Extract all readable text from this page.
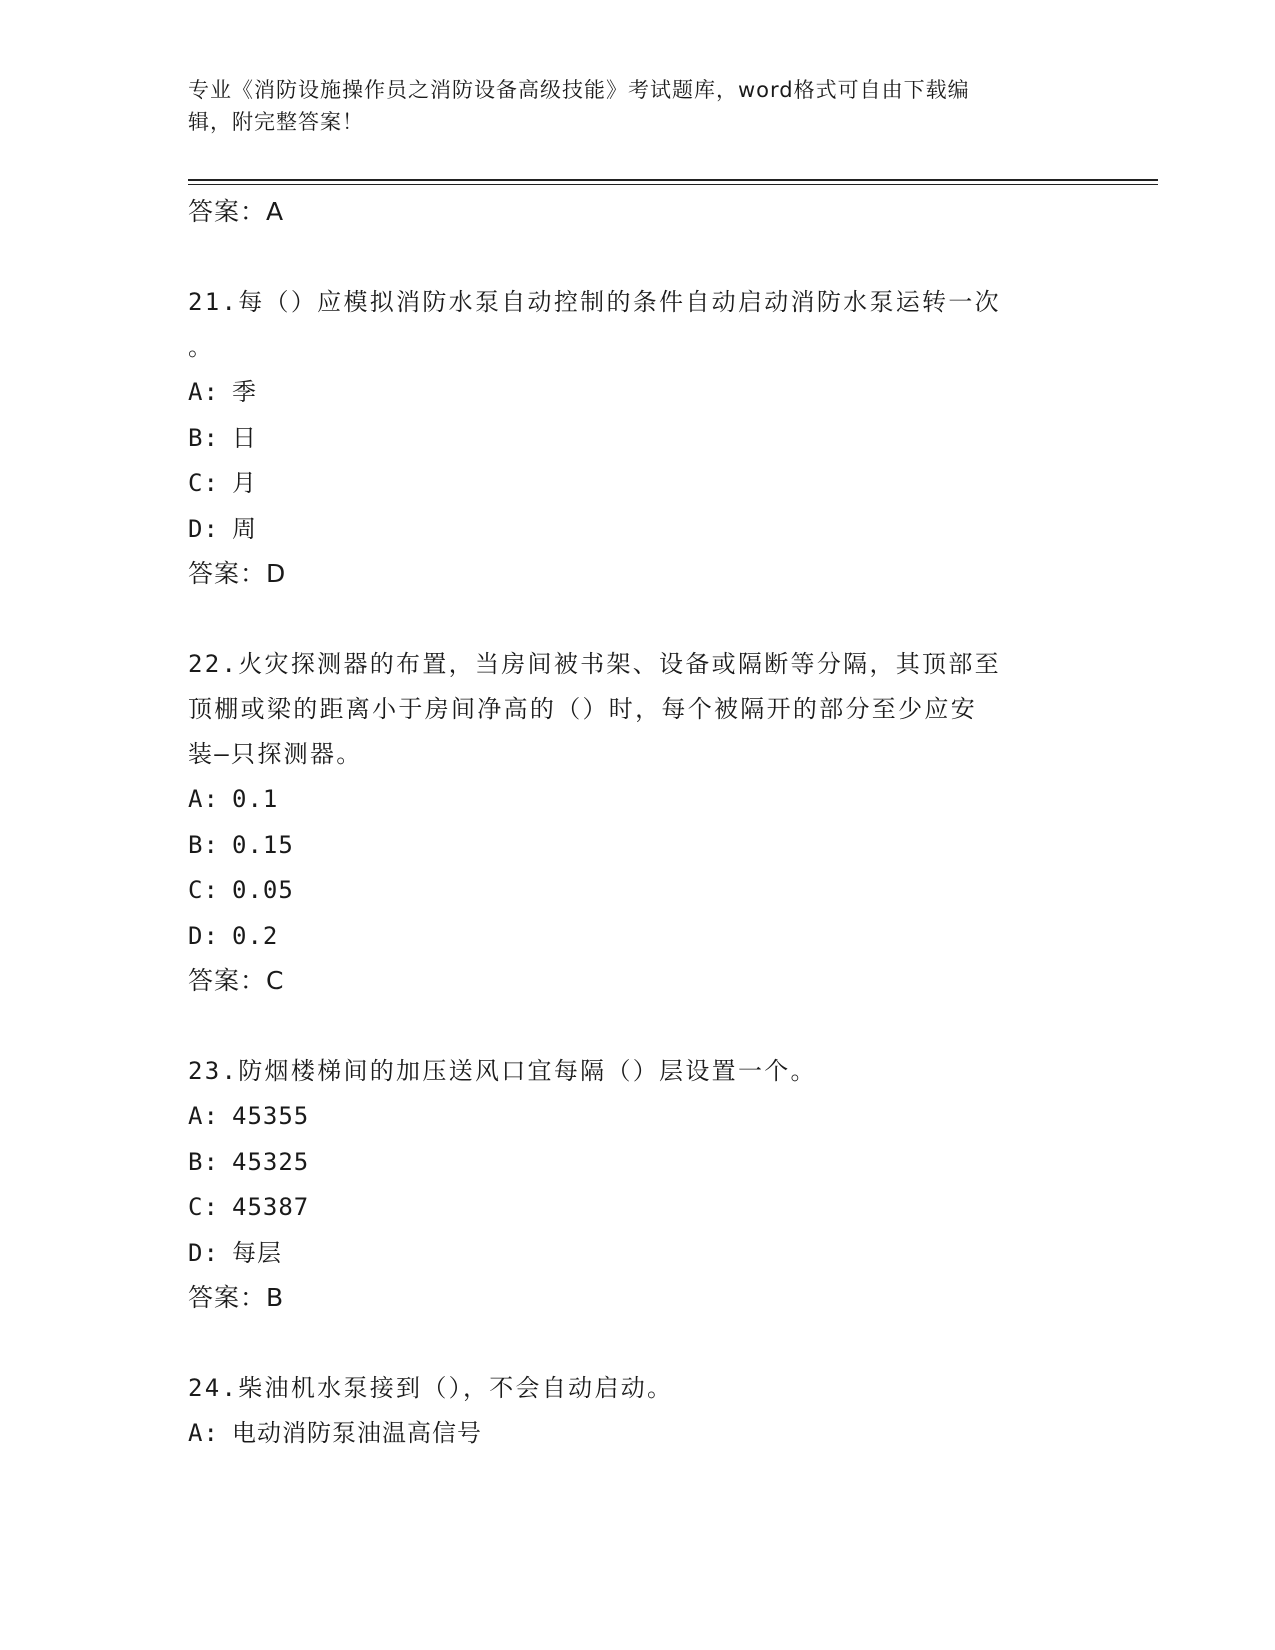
专业《消防设施操作员之消防设备高级技能》考试题库，word格式可自由下载编
辑，附完整答案！
答案：A
21.每（）应模拟消防水泵自动控制的条件自动启动消防水泵运转一次
。
A: 季
B: 日
C: 月
D: 周
答案：D
22.火灾探测器的布置，当房间被书架、设备或隔断等分隔，其顶部至
顶棚或梁的距离小于房间净高的（）时，每个被隔开的部分至少应安
装—只探测器。
A: 0.1
B: 0.15
C: 0.05
D: 0.2
答案：C
23.防烟楼梯间的加压送风口宜每隔（）层设置一个。
A: 45355
B: 45325
C: 45387
D: 每层
答案：B
24.柴油机水泵接到（），不会自动启动。
A: 电动消防泵油温高信号
